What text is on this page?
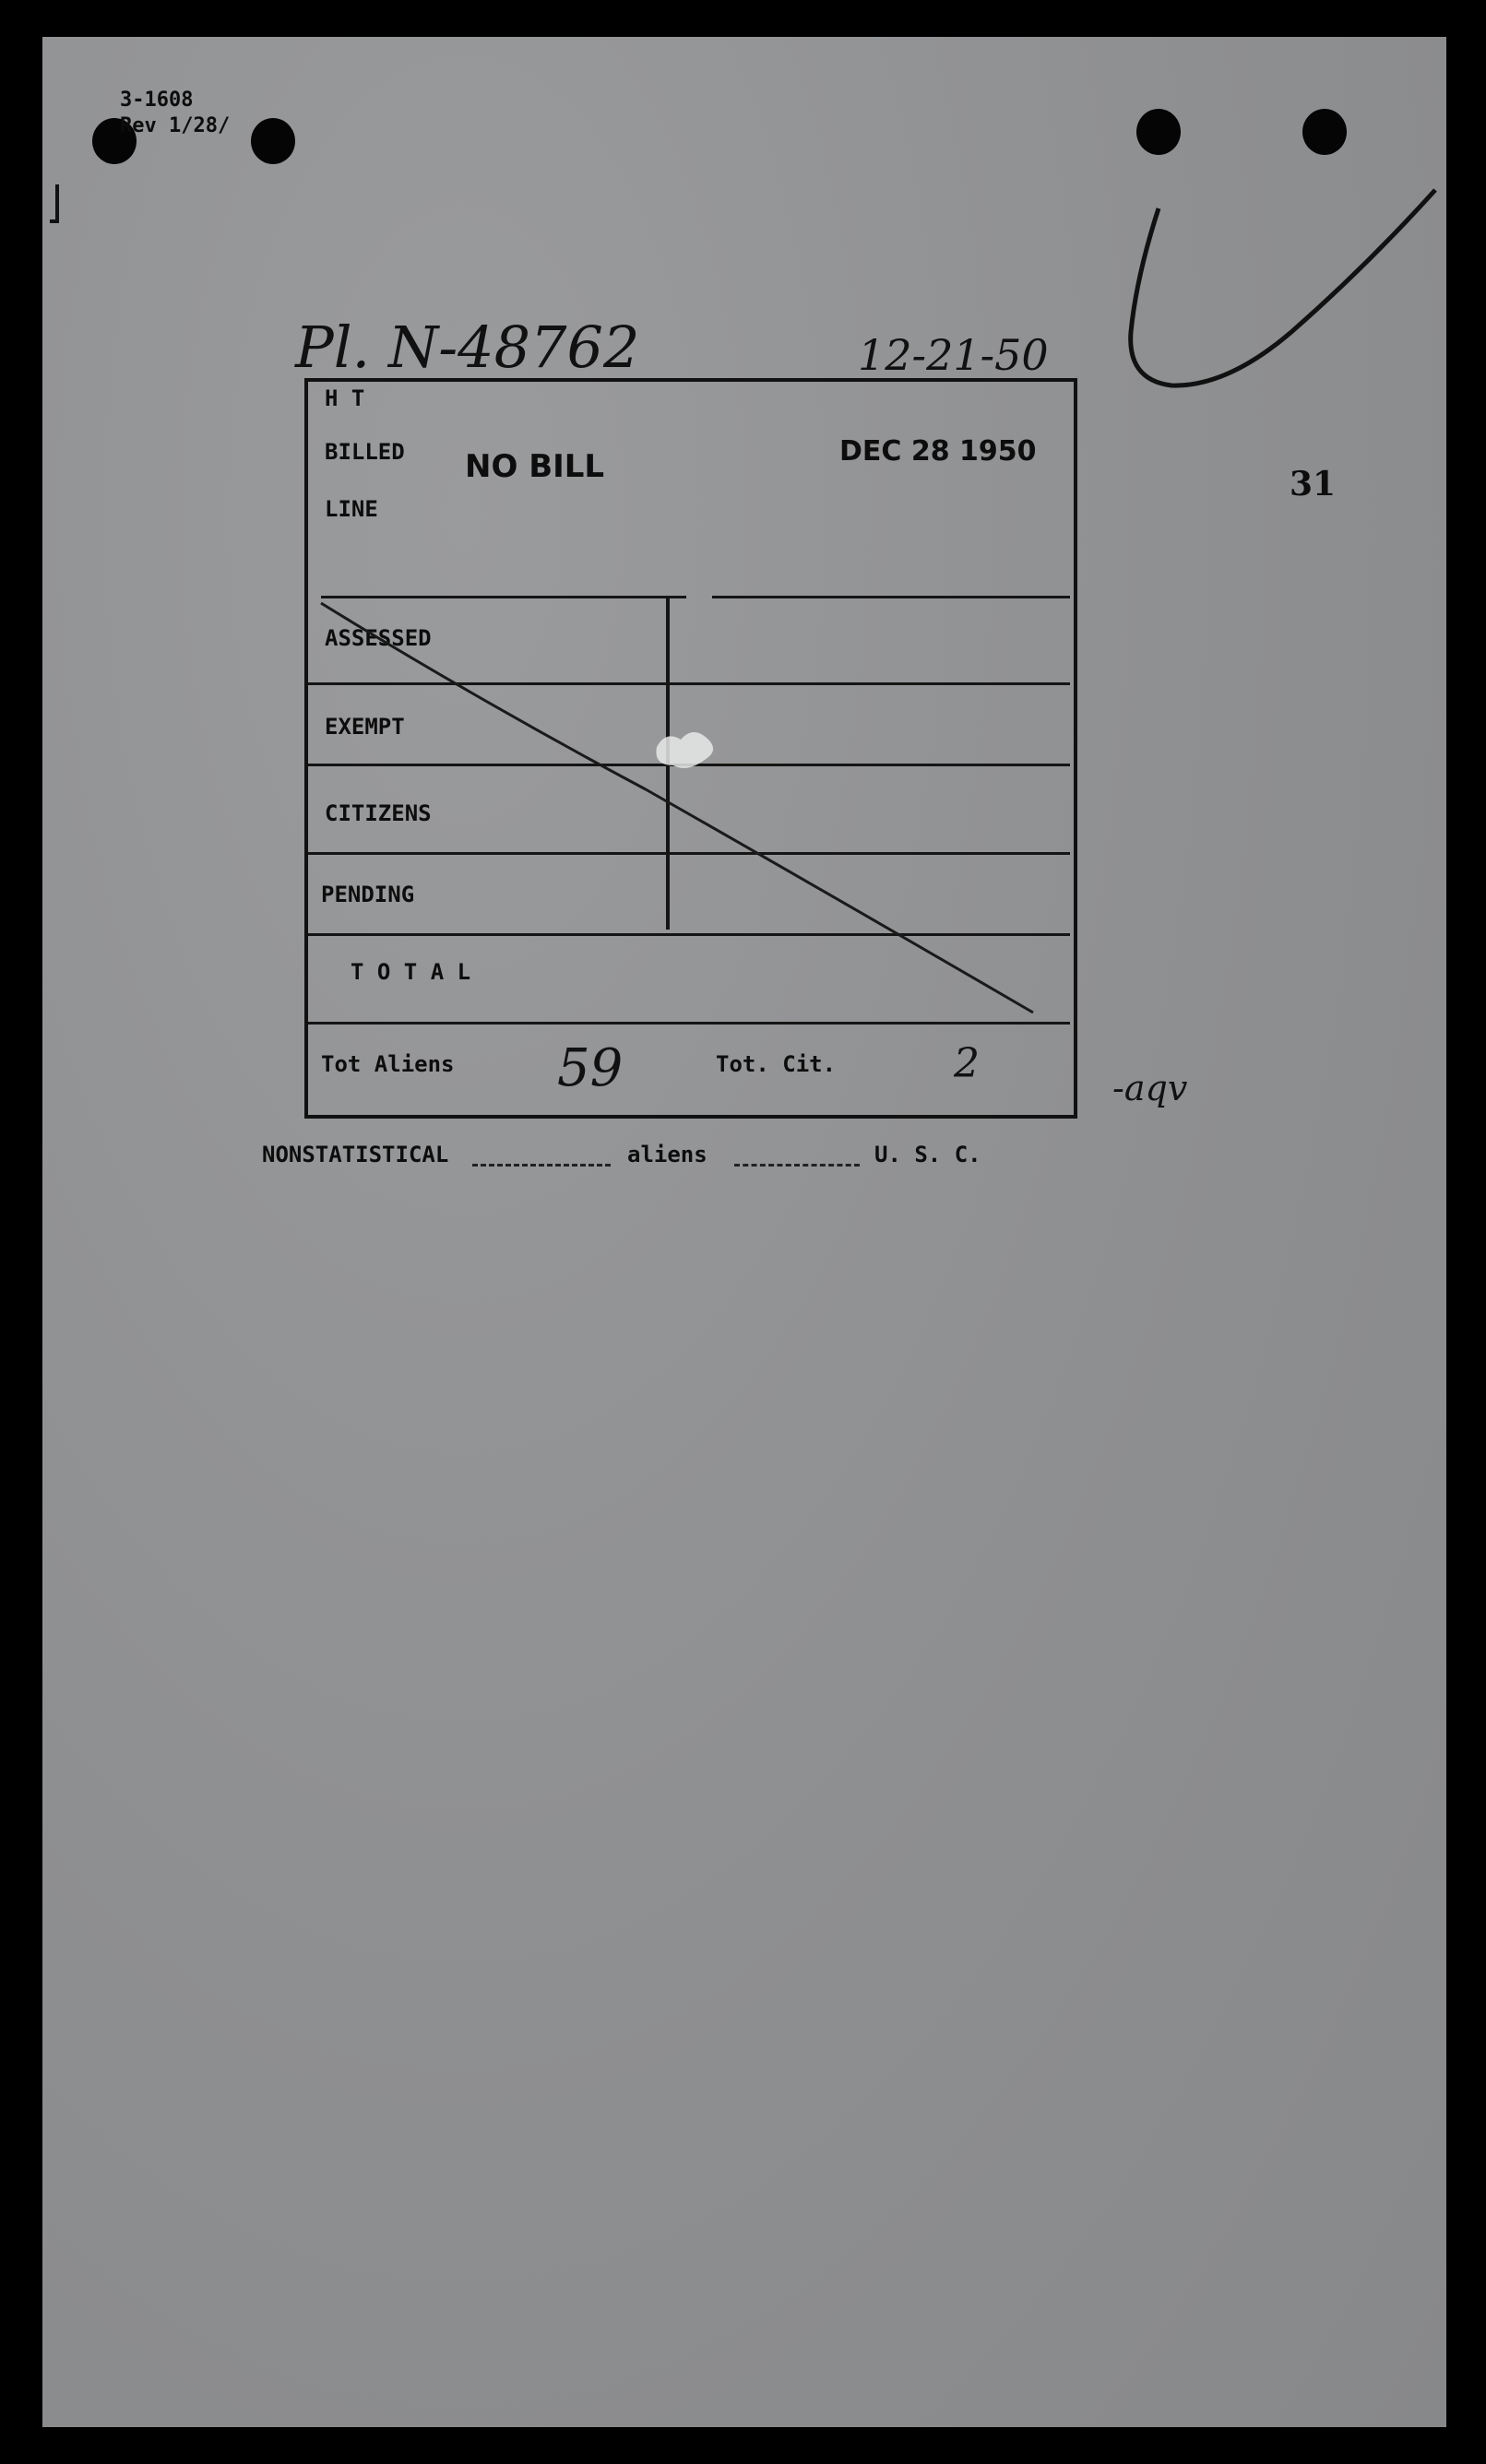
3-1608
Rev 1/28/
Pl. N-48762	12-21-50
31
H T
BILLED NO BILL
LINE
DEC 28 1950
ASSESSED
EXEMPT
CITIZENS
PENDING
T O T A L
Tot Aliens 59	Tot. Cit.	2
-aqv
NONSTATISTICAL	aliens	U. S. C.
